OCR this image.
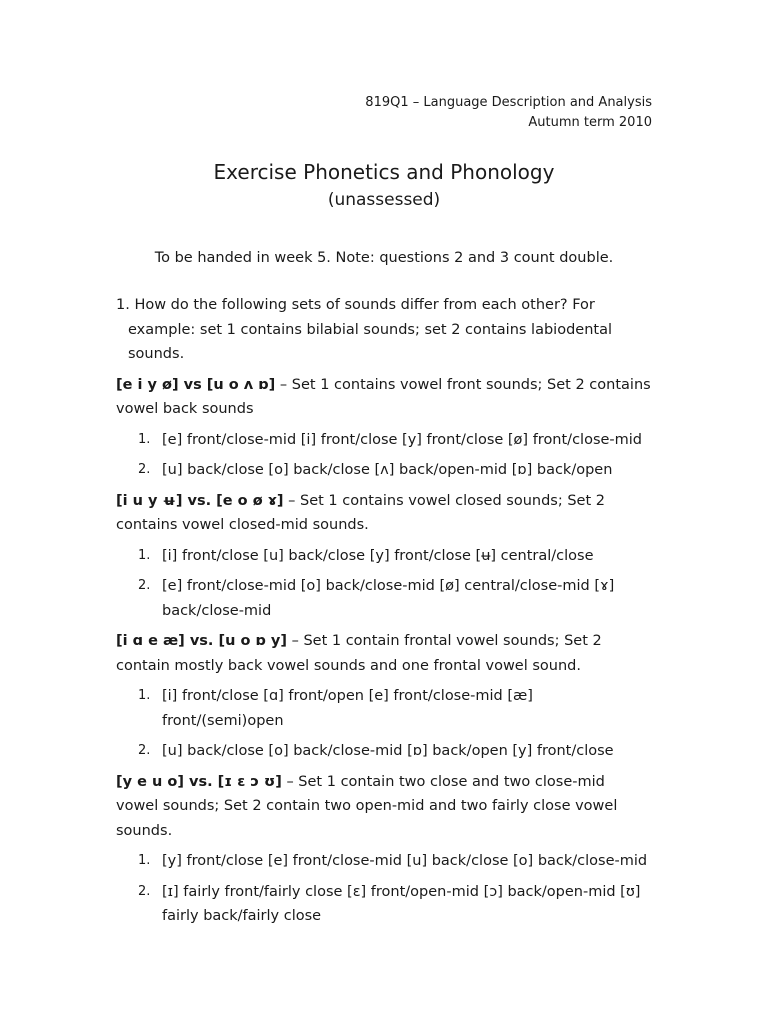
819Q1 – Language Description and Analysis
Autumn term 2010
Exercise Phonetics and Phonology
(unassessed)
To be handed in week 5. Note: questions 2 and 3 count double.

1. How do the following sets of sounds differ from each other? For example: set 1 contains bilabial sounds; set 2 contains labiodental sounds.

[e i y ø] vs [u o ʌ ɒ] – Set 1 contains vowel front sounds; Set 2 contains vowel back sounds

1. [e] front/close-mid [i] front/close [y] front/close [ø] front/close-mid
2. [u] back/close [o] back/close [ʌ] back/open-mid [ɒ] back/open

[i u y ʉ] vs. [e o ø ɤ] – Set 1 contains vowel closed sounds; Set 2 contains vowel closed-mid sounds.

1. [i] front/close [u] back/close [y] front/close [ʉ] central/close
2. [e] front/close-mid [o] back/close-mid [ø] central/close-mid [ɤ] back/close-mid

[i ɑ e æ] vs. [u o ɒ y] – Set 1 contain frontal vowel sounds; Set 2 contain mostly back vowel sounds and one frontal vowel sound.

1. [i] front/close [ɑ] front/open [e] front/close-mid [æ] front/(semi)open
2. [u] back/close [o] back/close-mid [ɒ] back/open [y] front/close

[y e u o] vs. [ɪ ɛ ɔ ʊ] – Set 1 contain two close and two close-mid vowel sounds; Set 2 contain two open-mid and two fairly close vowel sounds.

1. [y] front/close [e] front/close-mid [u] back/close [o] back/close-mid
2. [ɪ] fairly front/fairly close [ɛ] front/open-mid [ɔ] back/open-mid [ʊ] fairly back/fairly close
